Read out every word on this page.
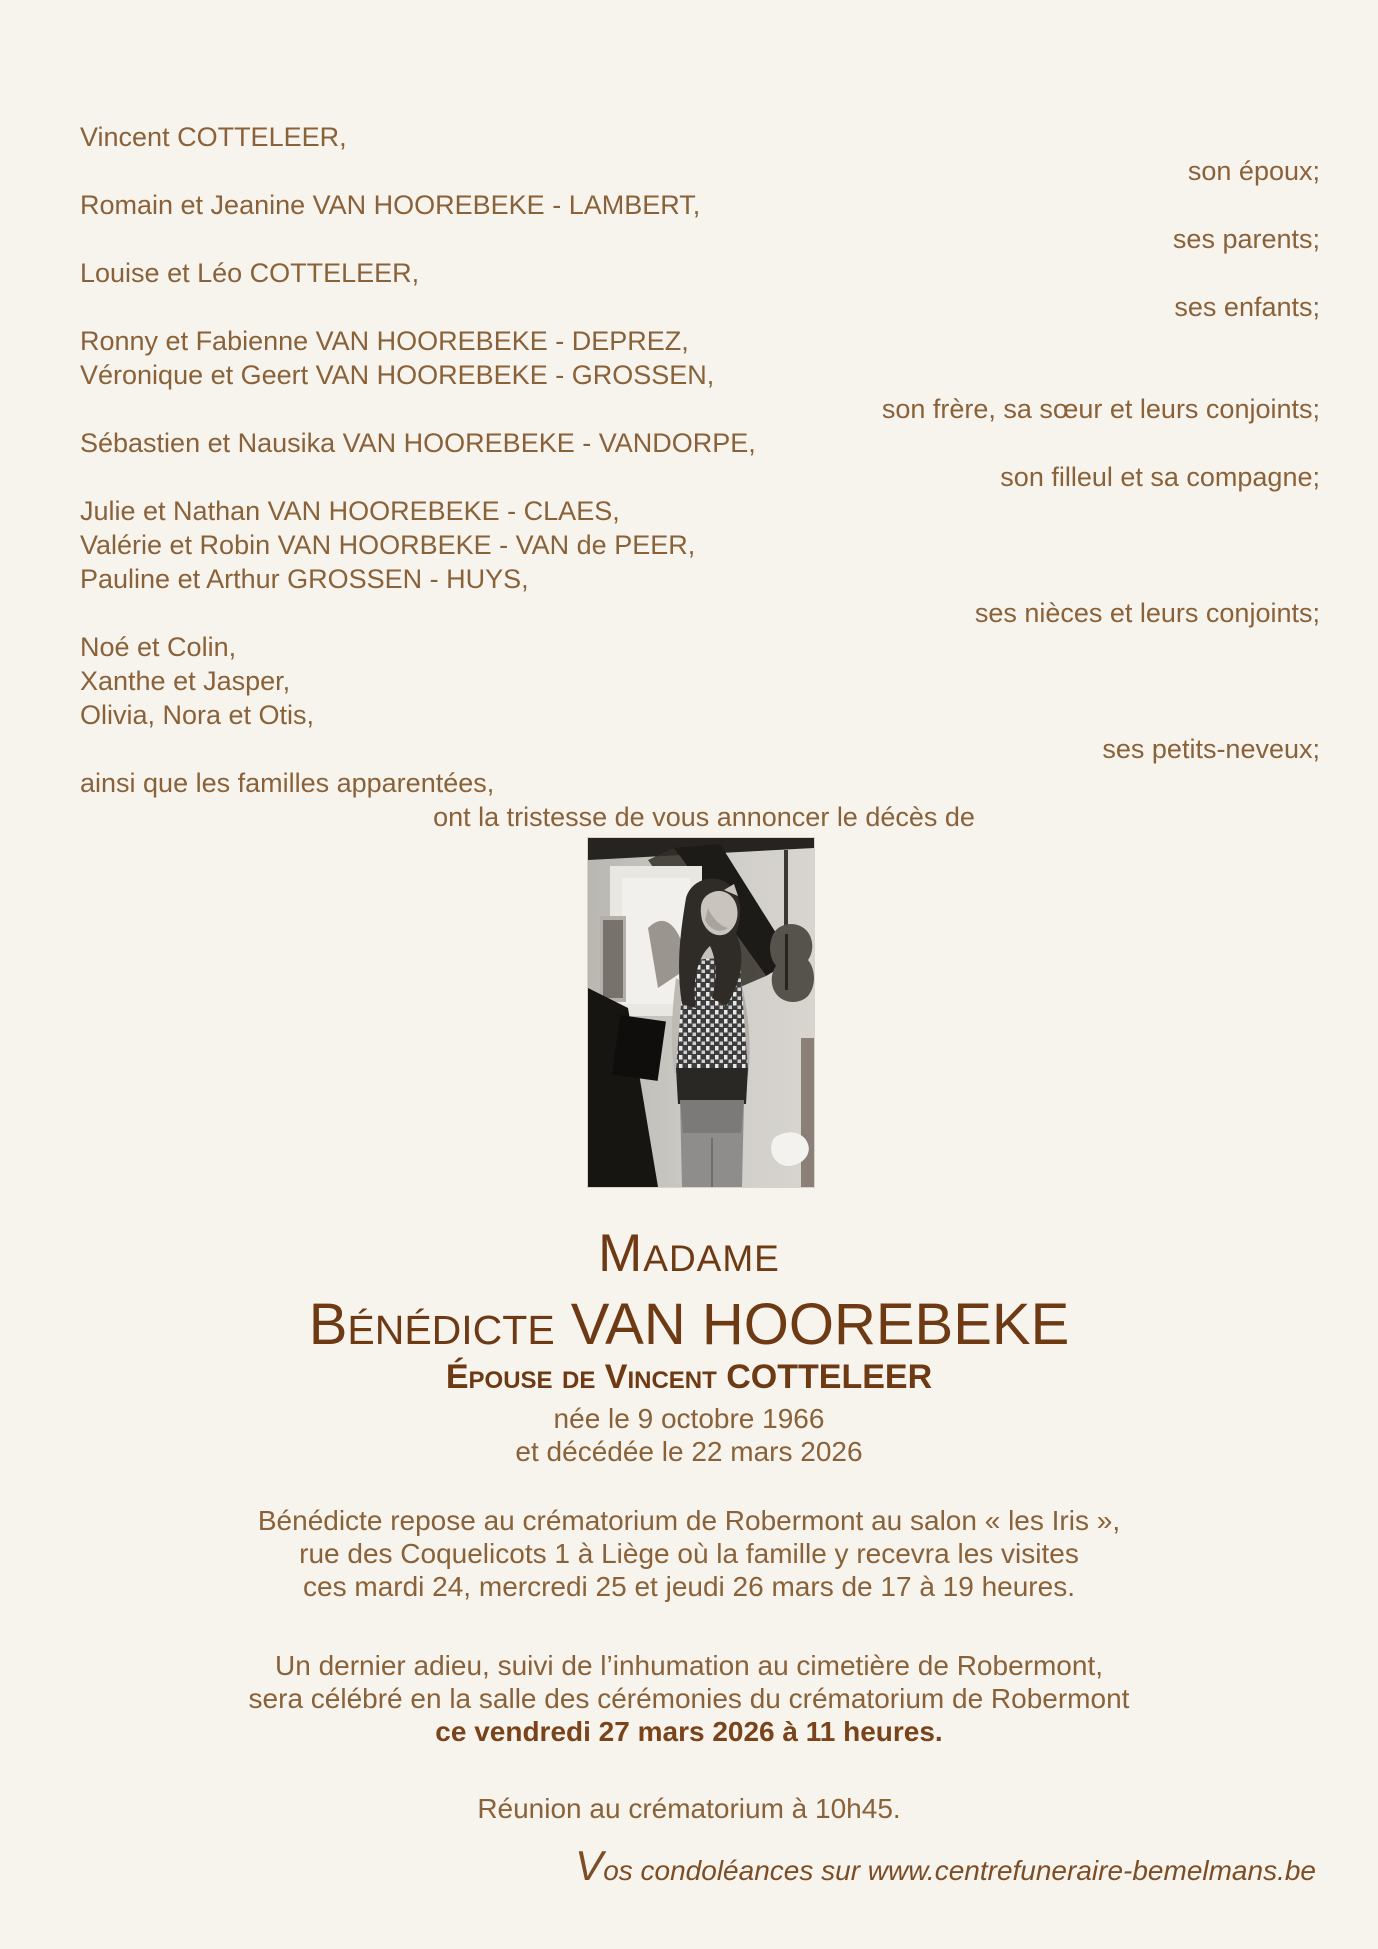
Vincent COTTELEER,
son époux;
Romain et Jeanine VAN HOOREBEKE - LAMBERT,
ses parents;
Louise et Léo COTTELEER,
ses enfants;
Ronny et Fabienne VAN HOOREBEKE - DEPREZ,
Véronique et Geert VAN HOOREBEKE - GROSSEN,
son frère, sa sœur et leurs conjoints;
Sébastien et Nausika VAN HOOREBEKE - VANDORPE,
son filleul et sa compagne;
Julie et Nathan VAN HOOREBEKE - CLAES,
Valérie et Robin VAN HOORBEKE - VAN de PEER,
Pauline et Arthur GROSSEN - HUYS,
ses nièces et leurs conjoints;
Noé et Colin,
Xanthe et Jasper,
Olivia, Nora et Otis,
ses petits-neveux;
ainsi que les familles apparentées,
ont la tristesse de vous annoncer le décès de
Madame
Bénédicte VAN HOOREBEKE
Épouse de Vincent COTTELEER
née le 9 octobre 1966
et décédée le 22 mars 2026
Bénédicte repose au crématorium de Robermont au salon « les Iris »,
rue des Coquelicots 1 à Liège où la famille y recevra les visites
ces mardi 24, mercredi 25 et jeudi 26 mars de 17 à 19 heures.
Un dernier adieu, suivi de l’inhumation au cimetière de Robermont,
sera célébré en la salle des cérémonies du crématorium de Robermont
ce vendredi 27 mars 2026 à 11 heures.
Réunion au crématorium à 10h45.
Vos condoléances sur www.centrefuneraire-bemelmans.be
